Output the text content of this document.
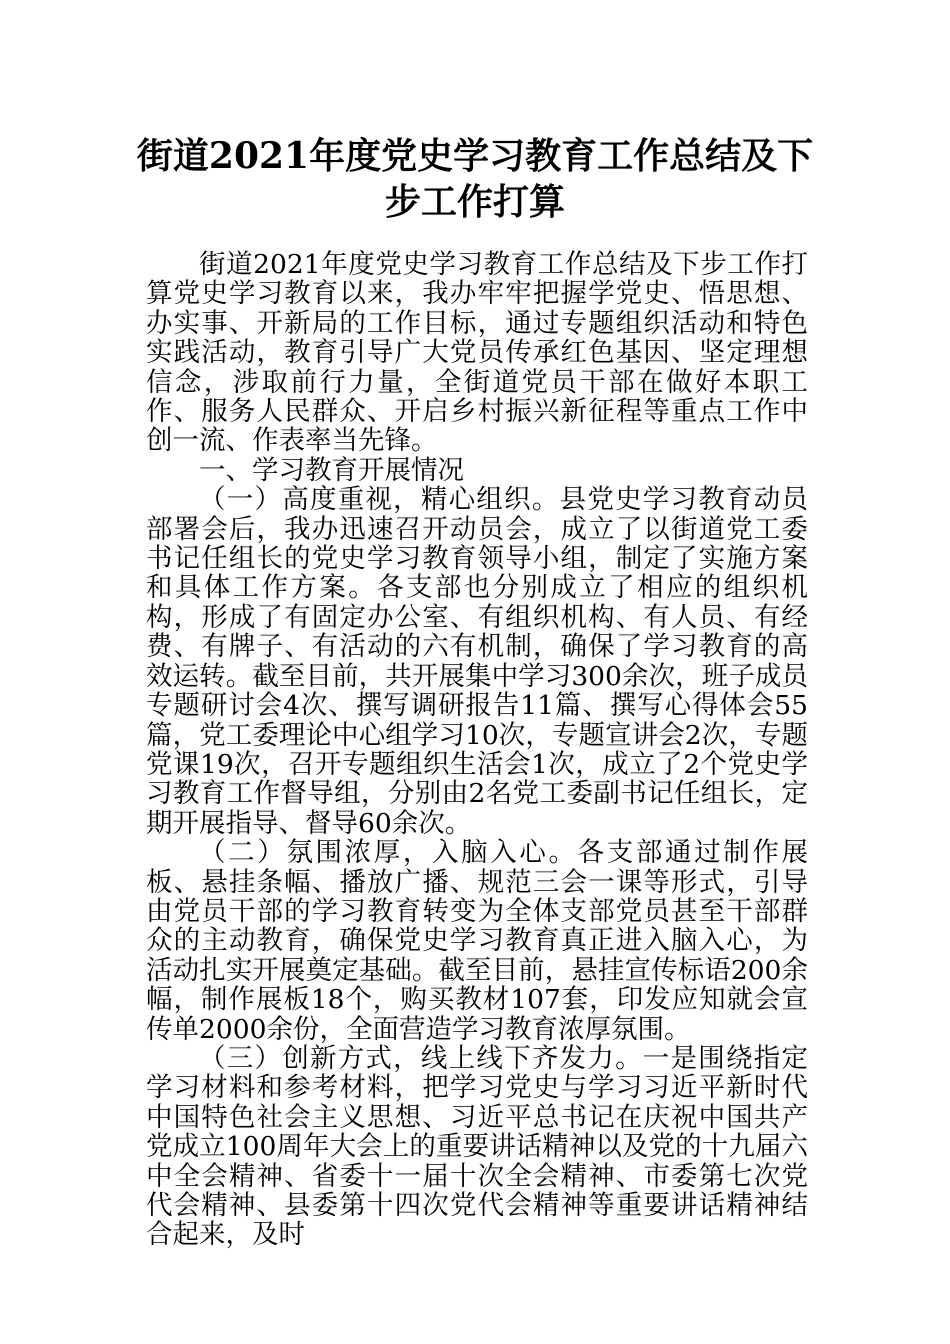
街道2021年度党史学习教育工作总结及下步工作打算

街道2021年度党史学习教育工作总结及下步工作打算党史学习教育以来，我办牢牢把握学党史、悟思想、办实事、开新局的工作目标，通过专题组织活动和特色实践活动，教育引导广大党员传承红色基因、坚定理想信念，涉取前行力量，全街道党员干部在做好本职工作、服务人民群众、开启乡村振兴新征程等重点工作中创一流、作表率当先锋。

一、学习教育开展情况

（一）高度重视，精心组织。县党史学习教育动员部署会后，我办迅速召开动员会，成立了以街道党工委书记任组长的党史学习教育领导小组，制定了实施方案和具体工作方案。各支部也分别成立了相应的组织机构，形成了有固定办公室、有组织机构、有人员、有经费、有牌子、有活动的六有机制，确保了学习教育的高效运转。截至目前，共开展集中学习300余次，班子成员专题研讨会4次、撰写调研报告11篇、撰写心得体会55篇，党工委理论中心组学习10次，专题宣讲会2次，专题党课19次，召开专题组织生活会1次，成立了2个党史学习教育工作督导组，分别由2名党工委副书记任组长，定期开展指导、督导60余次。

（二）氛围浓厚，入脑入心。各支部通过制作展板、悬挂条幅、播放广播、规范三会一课等形式，引导由党员干部的学习教育转变为全体支部党员甚至干部群众的主动教育，确保党史学习教育真正进入脑入心，为活动扎实开展奠定基础。截至目前，悬挂宣传标语200余幅，制作展板18个，购买教材107套，印发应知就会宣传单2000余份，全面营造学习教育浓厚氛围。

（三）创新方式，线上线下齐发力。一是围绕指定学习材料和参考材料，把学习党史与学习习近平新时代中国特色社会主义思想、习近平总书记在庆祝中国共产党成立100周年大会上的重要讲话精神以及党的十九届六中全会精神、省委十一届十次全会精神、市委第七次党代会精神、县委第十四次党代会精神等重要讲话精神结合起来，及时
